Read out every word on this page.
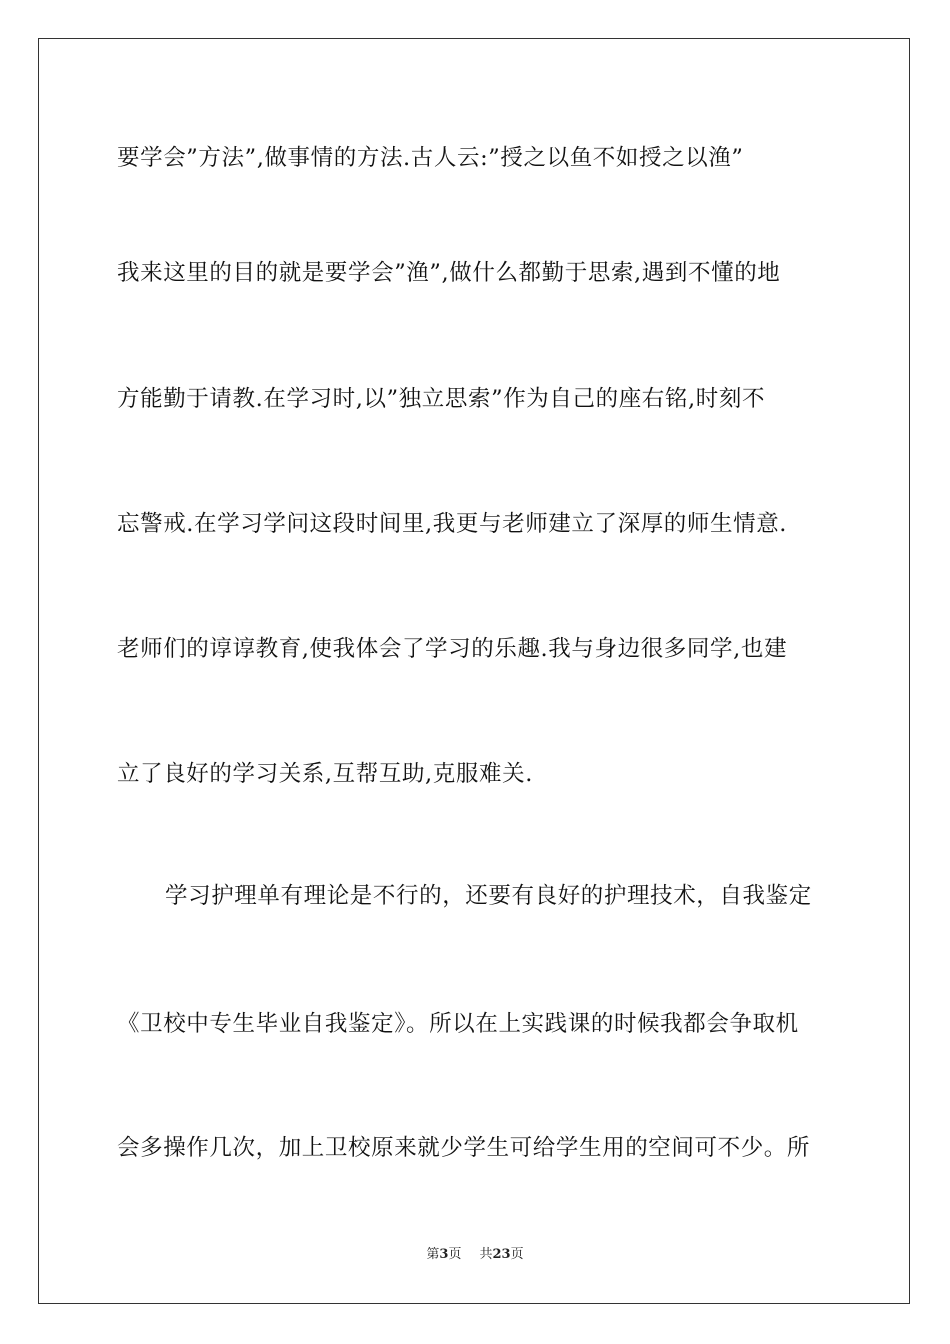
要学会”方法”,做事情的方法.古人云:”授之以鱼不如授之以渔”
我来这里的目的就是要学会”渔”,做什么都勤于思索,遇到不懂的地
方能勤于请教.在学习时,以”独立思索”作为自己的座右铭,时刻不
忘警戒.在学习学问这段时间里,我更与老师建立了深厚的师生情意.
老师们的谆谆教育,使我体会了学习的乐趣.我与身边很多同学,也建
立了良好的学习关系,互帮互助,克服难关.
学习护理单有理论是不行的，还要有良好的护理技术，自我鉴定
《卫校中专生毕业自我鉴定》。所以在上实践课的时候我都会争取机
会多操作几次，加上卫校原来就少学生可给学生用的空间可不少。所
第3页 共23页
